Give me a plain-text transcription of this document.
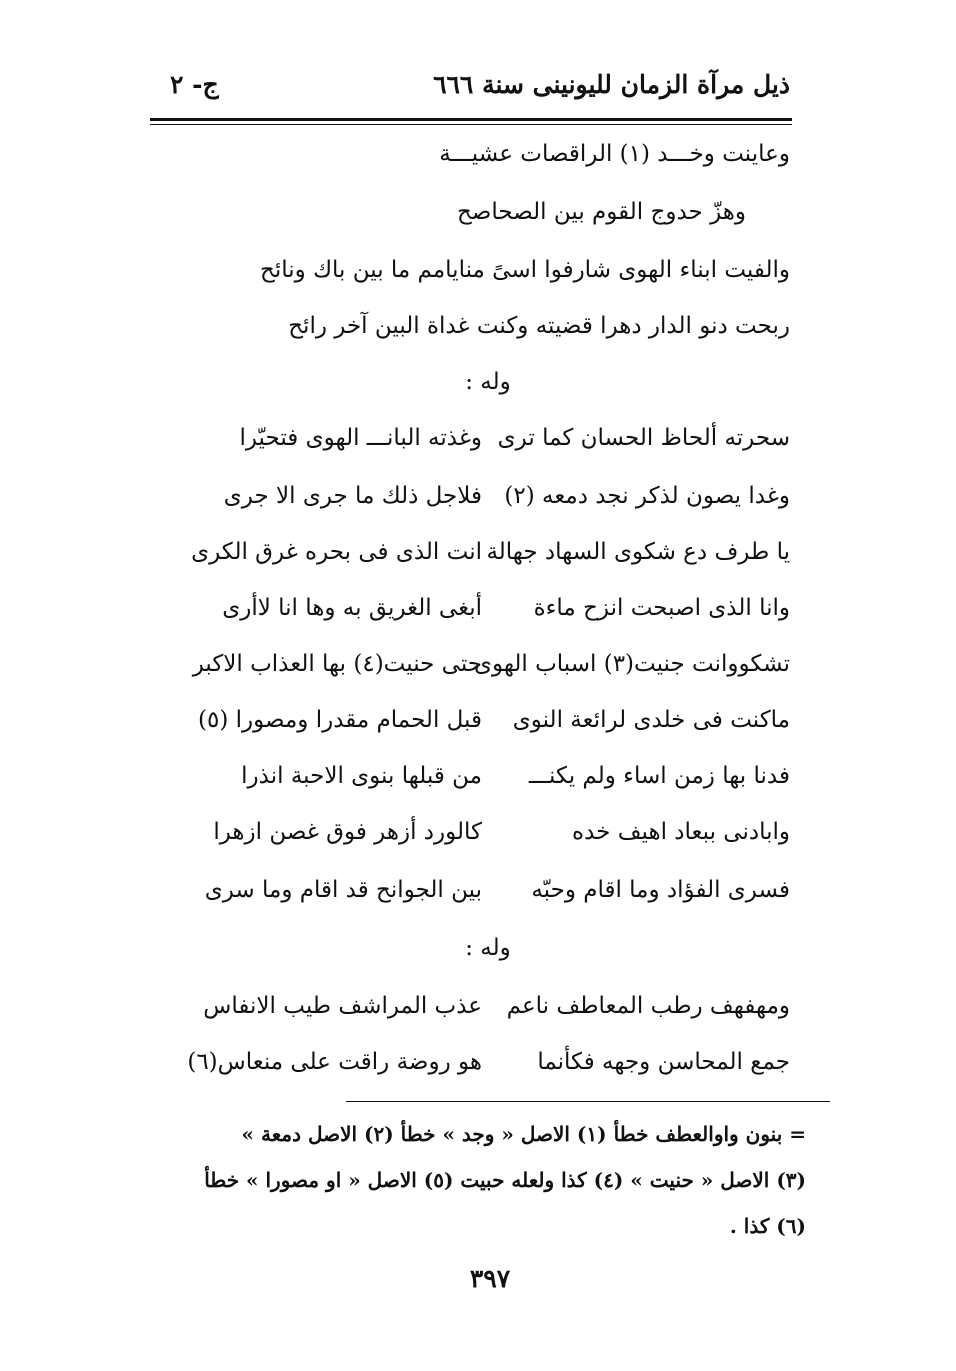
ذيل مرآة الزمان لليونينى سنة ٦٦٦
ج- ٢
وعاينت وخـــد (١) الراقصات عشيـــة
وهزّ حدوج القوم بين الصحاصح
والفيت ابناء الهوى شارفوا اسىً منايامم ما بين باك ونائح
ربحت دنو الدار دهرا قضيته وكنت غداة البين آخر رائح
وله :
سحرته ألحاظ الحسان كما ترى
وغذته البانـــ الهوى فتحيّرا
وغدا يصون لذكر نجد دمعه (٢)
فلاجل ذلك ما جرى الا جرى
يا طرف دع شكوى السهاد جهالة
انت الذى فى بحره غرق الكرى
وانا الذى اصبحت انزح ماءة
أبغى الغريق به وها انا لاأرى
تشكووانت جنيت(٣) اسباب الهوى
حتى حنيت(٤) بها العذاب الاكبر
ماكنت فى خلدى لرائعة النوى
قبل الحمام مقدرا ومصورا (٥)
فدنا بها زمن اساء ولم يكنـــ
من قبلها بنوى الاحبة انذرا
وابادنى ببعاد اهيف خده
كالورد أزهر فوق غصن ازهرا
فسرى الفؤاد وما اقام وحبّه
بين الجوانح قد اقام وما سرى
وله :
ومهفهف رطب المعاطف ناعم
عذب المراشف طيب الانفاس
جمع المحاسن وجهه فكأنما
هو روضة راقت على منعاس(٦)
= بنون واوالعطف خطأ (١) الاصل « وجد » خطأ (٢) الاصل دمعة »
(٣) الاصل « حنيت » (٤) كذا ولعله حبيت (٥) الاصل « او مصورا » خطأ
(٦) كذا .
٣٩٧
